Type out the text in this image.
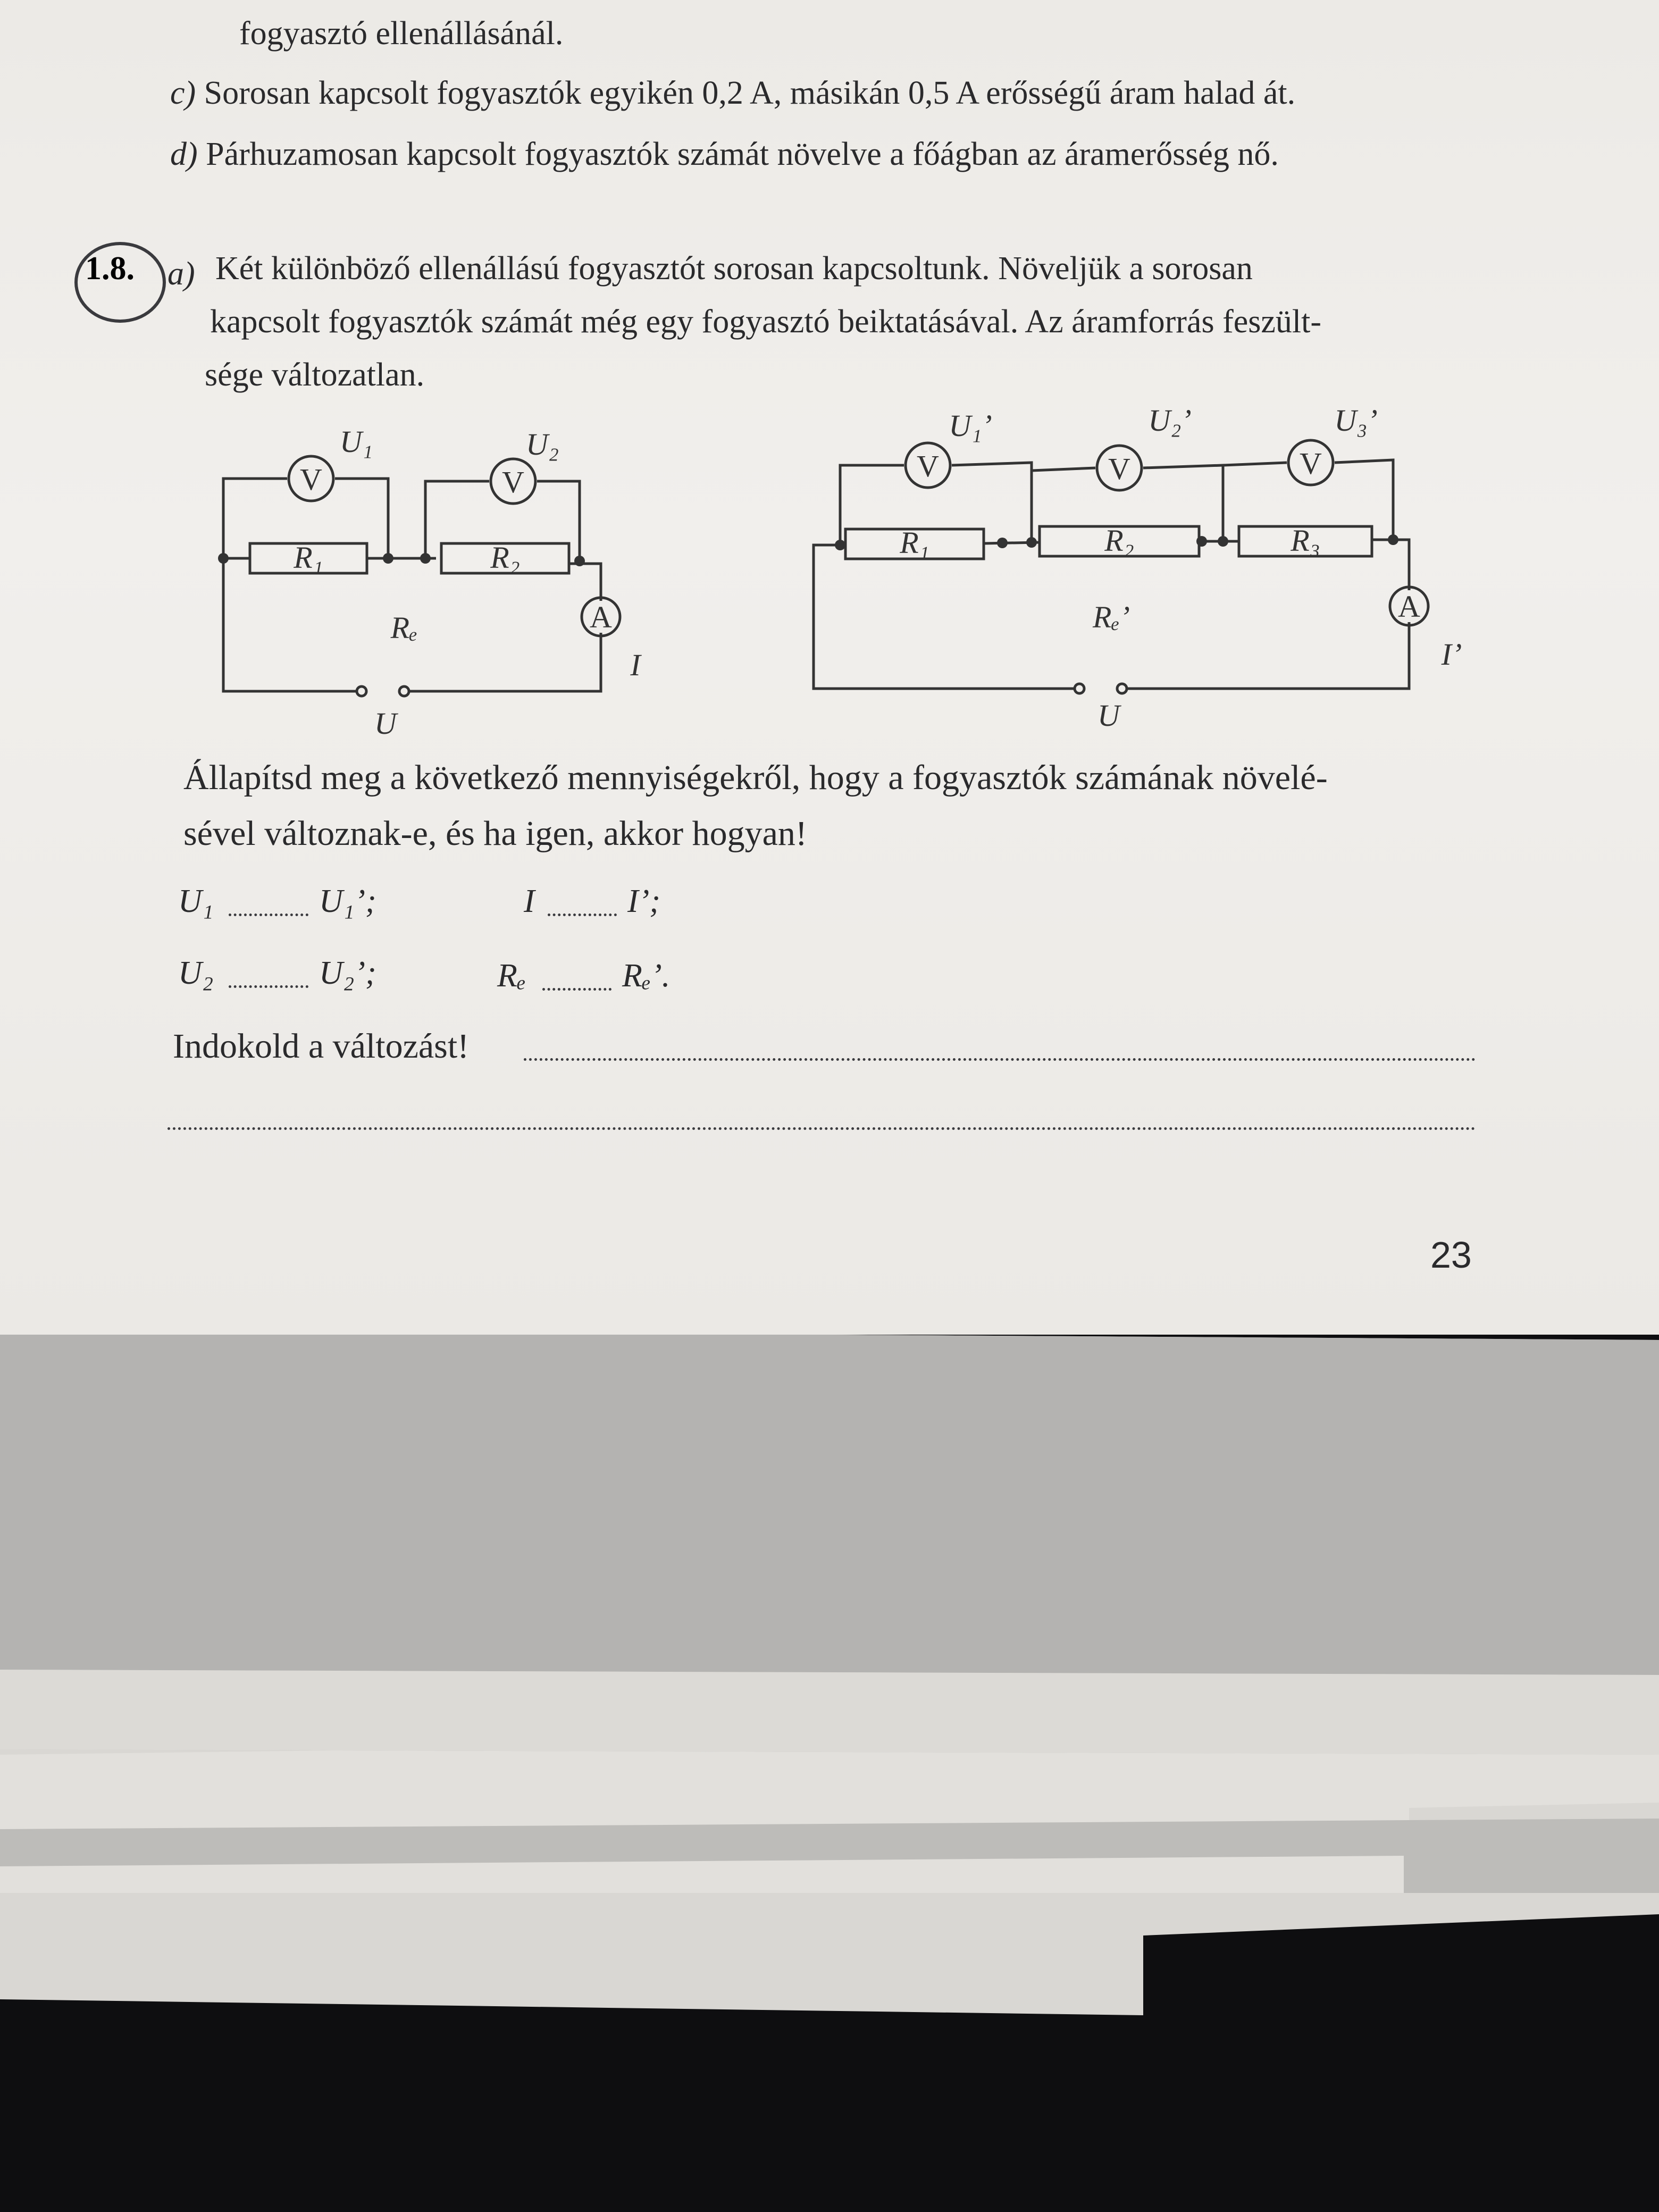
fogyasztó ellenállásánál.
c) Sorosan kapcsolt fogyasztók egyikén 0,2 A, másikán 0,5 A erősségű áram halad át.
d) Párhuzamosan kapcsolt fogyasztók számát növelve a főágban az áramerősség nő.
1.8. a) Két különböző ellenállású fogyasztót sorosan kapcsoltunk. Növeljük a sorosan
kapcsolt fogyasztók számát még egy fogyasztó beiktatásával. Az áramforrás feszült-
sége változatlan.
V	V
A
U₁	U₂
R₁	R₂
Rₑ
I
U
V	V	V
A
U₁’	U₂’	U₃’
R₁	R₂	R₃
Rₑ’
I’
U
Állapítsd meg a következő mennyiségekről, hogy a fogyasztók számának növelé-
sével változnak-e, és ha igen, akkor hogyan!
U₁	U₁’;	I	I’;
U₂	U₂’;	Rₑ	Rₑ’.
Indokold a változást!
23
